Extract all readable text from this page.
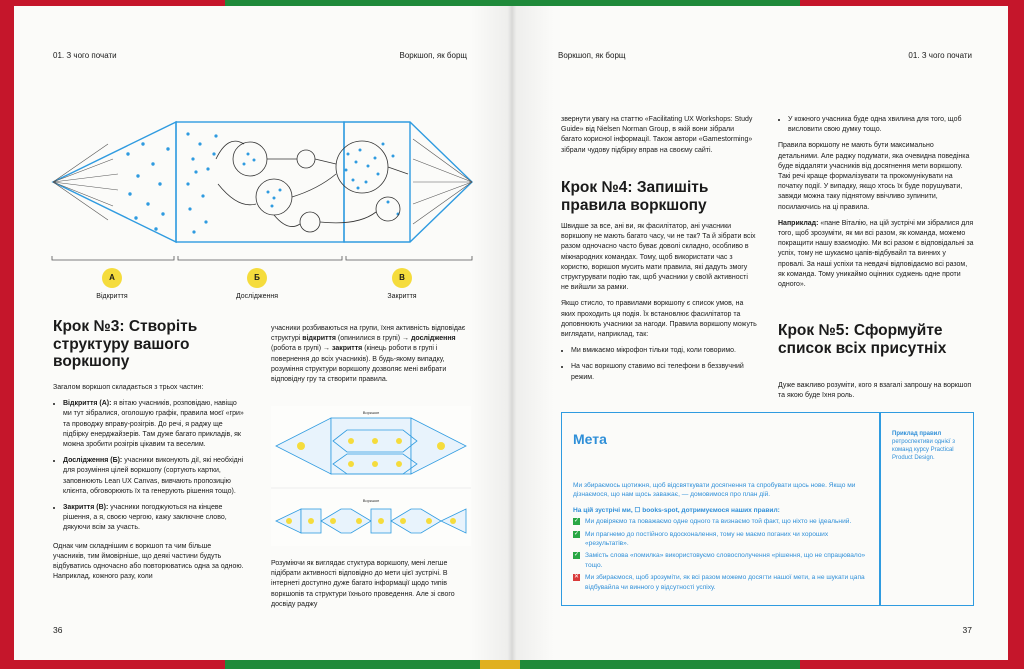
01. З чого почати	Воркшоп, як борщ
А
Відкриття
Б
Дослідження
В
Закриття
Крок №3: Створіть структуру вашого воркшопу

Загалом воркшоп складається з трьох частин:

• Відкриття (А): я вітаю учасників, розповідаю, навіщо ми тут зібралися, оголошую графік, правила моєї «гри» та проводжу вправу-розігрів. До речі, я раджу ще підбірку енерджайзерів. Там дуже багато прикладів, як можна зробити розігрів цікавим та веселим.
• Дослідження (Б): учасники виконують дії, які необхідні для розуміння цілей воркшопу (сортують картки, заповнюють Lean UX Canvas, вивчають пропозицію клієнта, обговорюють їх та генерують рішення тощо).
• Закриття (В): учасники погоджуються на кінцеве рішення, а я, своєю чергою, кажу заключне слово, дякуючи всім за участь.

Однак чим складнішим є воркшоп та чим більше учасників, тим ймовірніше, що деякі частини будуть відбуватись одночасно або повторюватись одна за одною. Наприклад, кожного разу, коли

учасники розбиваються на групи, їхня активність відповідає структурі відкриття (опинилися в групі) → дослідження (робота в групі) → закриття (кінець роботи в групі і повернення до всіх учасників). В будь-якому випадку, розуміння структури воркшопу дозволяє мені вибрати відповідну гру та створити правила.

Воркшоп
Воркшоп

Розуміючи як виглядає стуктура воркшопу, мені легше підібрати активності відповідно до мети цієї зустрічі. В інтернеті доступно дуже багато інформації щодо типів воркшопів та структури їхнього проведення. Але зі свого досвіду раджу

36
Воркшоп, як борщ	01. З чого почати

звернути увагу на статтю «Facilitating UX Workshops: Study Guide» від Nielsen Norman Group, в якій вони зібрали багато корисної інформації. Також автори «Gamestorming» зібрали чудову підбірку вправ на своєму сайті.

Крок №4: Запишіть правила воркшопу

Швидше за все, ані ви, як фасилітатор, ані учасники воркшопу не мають багато часу, чи не так? Та й зібрати всіх разом одночасно часто буває доволі складно, особливо в міжнародних командах. Тому, щоб використати час з користю, воркшоп мусить мати правила, які дадуть змогу структурувати подію так, щоб учасники у своїй активності не вийшли за рамки.

Якщо стисло, то правилами воркшопу є список умов, на яких проходить ця подія. Їх встановлює фасилітатор та доповнюють учасники за нагоди. Правила воркшопу можуть виглядати, наприклад, так:

• Ми вмикаємо мікрофон тільки тоді, коли говоримо.
• На час воркшопу ставимо всі телефони в беззвучний режим.
• У кожного учасника буде одна хвилина для того, щоб висловити свою думку тощо.

Правила воркшопу не мають бути максимально детальними. Але раджу подумати, яка очевидна поведінка буде віддаляти учасників від досягнення мети воркшопу. Такі речі краще формалізувати та прокомунікувати на початку події. У випадку, якщо хтось їх буде порушувати, завжди можна таку піднятому ввічливо зупинити, посилаючись на ці правила.

Наприклад: «пане Віталію, на цій зустрічі ми зібралися для того, щоб зрозуміти, як ми всі разом, як команда, можемо покращити нашу взаємодію. Ми всі разом є відповідальні за успіх, тому не шукаємо цапів-відбувайл та винних у провалі. За наші успіхи та невдачі відповідаємо всі разом, як команда. Тому уникаймо оцінних суджень одне проти одного».

Крок №5: Сформуйте список всіх присутніх

Дуже важливо розуміти, кого я взагалі запрошу на воркшоп та якою буде їхня роль.

Мета	Приклад правил
ретроспективи однієї з команд курсу Practical Product Design.

Ми збираємось щотижня, щоб відсвяткувати досягнення та спробувати щось нове. Якщо ми дізнаємося, що нам щось заважає, — домовимося про план дій.

На цій зустрічі ми, ☐ books-spot, дотримуємося наших правил:

✓ Ми довіряємо та поважаємо одне одного та визнаємо той факт, що ніхто не ідеальний.
✓ Ми прагнемо до постійного вдосконалення, тому не маємо поганих чи хороших «результатів».
✓ Замість слова «помилка» використовуємо словосполучення «рішення, що не спрацювало» тощо.
✕ Ми збираємося, щоб зрозуміти, як всі разом можемо досягти нашої мети, а не шукати цапа відбувайла чи винного у відсутності успіху.
37
